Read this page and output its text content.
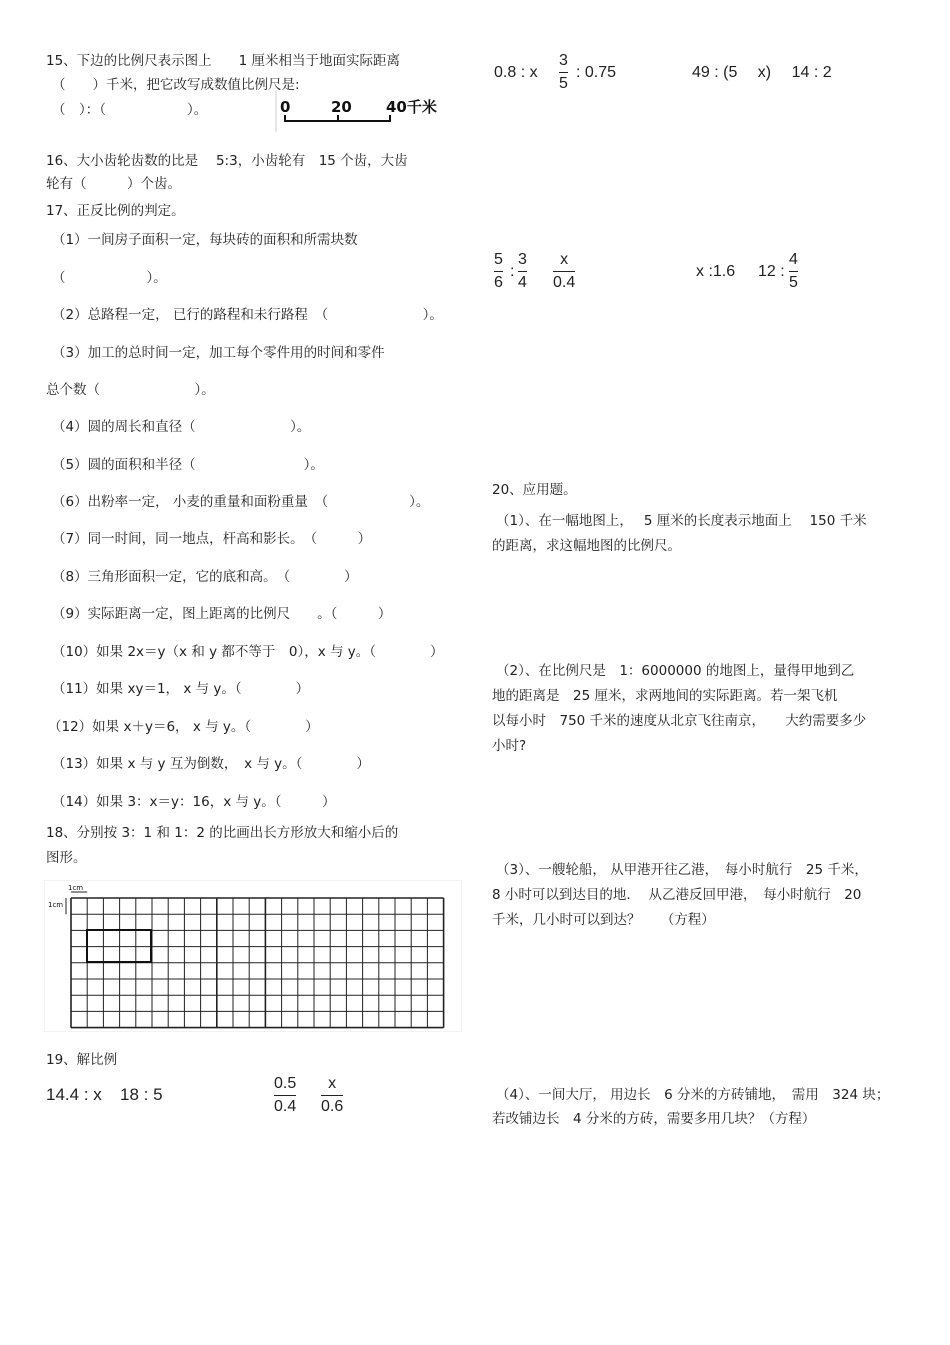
15、下边的比例尺表示图上　　1 厘米相当于地面实际距离
（　　）千米，把它改写成数值比例尺是:
（　）：（　　　　　　）。	0	20 40千米
16、大小齿轮齿数的比是　 5:3，小齿轮有　15 个齿，大齿
轮有（　　　）个齿。
17、正反比例的判定。
（1）一间房子面积一定，每块砖的面积和所需块数
（　　　　　　）。
（2）总路程一定， 已行的路程和未行路程　（　　　　　　　）。
（3）加工的总时间一定，加工每个零件用的时间和零件
总个数（　　　　　　　）。
（4）圆的周长和直径（　　　　　　　）。
（5）圆的面积和半径（　　　　　　　　）。
（6）出粉率一定， 小麦的重量和面粉重量　（　　　　　　）。
（7）同一时间，同一地点，杆高和影长。　（　　　）
（8）三角形面积一定，它的底和高。　（　　　　）
（9）实际距离一定，图上距离的比例尺　　。（　　　）
（10）如果 2x＝y（x 和 y 都不等于　0），x 与 y。（　　　　）
（11）如果 xy＝1， x 与 y。（　　　　）
（12）如果 x＋y＝6， x 与 y。（　　　　）
（13）如果 x 与 y 互为倒数，　x 与 y。（　　　　）
（14）如果 3：x＝y：16，x 与 y。（　　　）
18、分别按 3：1 和 1：2 的比画出长方形放大和缩小后的
图形。
1cm
1cm
19、解比例
14.4 : x 18 : 5
0.5
0.4
x
0.6
0.8 : x
3
5
: 0.75	49 : (5　 x)　 14 : 2
5
6
:
3
4
x
0.4
x :1.6 12 :
4
5
20、应用题。
（1）、在一幅地图上，　 5 厘米的长度表示地面上　 150 千米
的距离，求这幅地图的比例尺。
（2）、在比例尺是　1：6000000 的地图上，量得甲地到乙
地的距离是　25 厘米，求两地间的实际距离。若一架飞机
以每小时　750 千米的速度从北京飞往南京，　　大约需要多少
小时?
（3）、一艘轮船， 从甲港开往乙港，　每小时航行　25 千米，
8 小时可以到达目的地.　 从乙港反回甲港，　每小时航行　20
千米，几小时可以到达？　　（方程）
（4）、一间大厅， 用边长　6 分米的方砖铺地，　需用　324 块；
若改铺边长　4 分米的方砖，需要多用几块？（方程）
